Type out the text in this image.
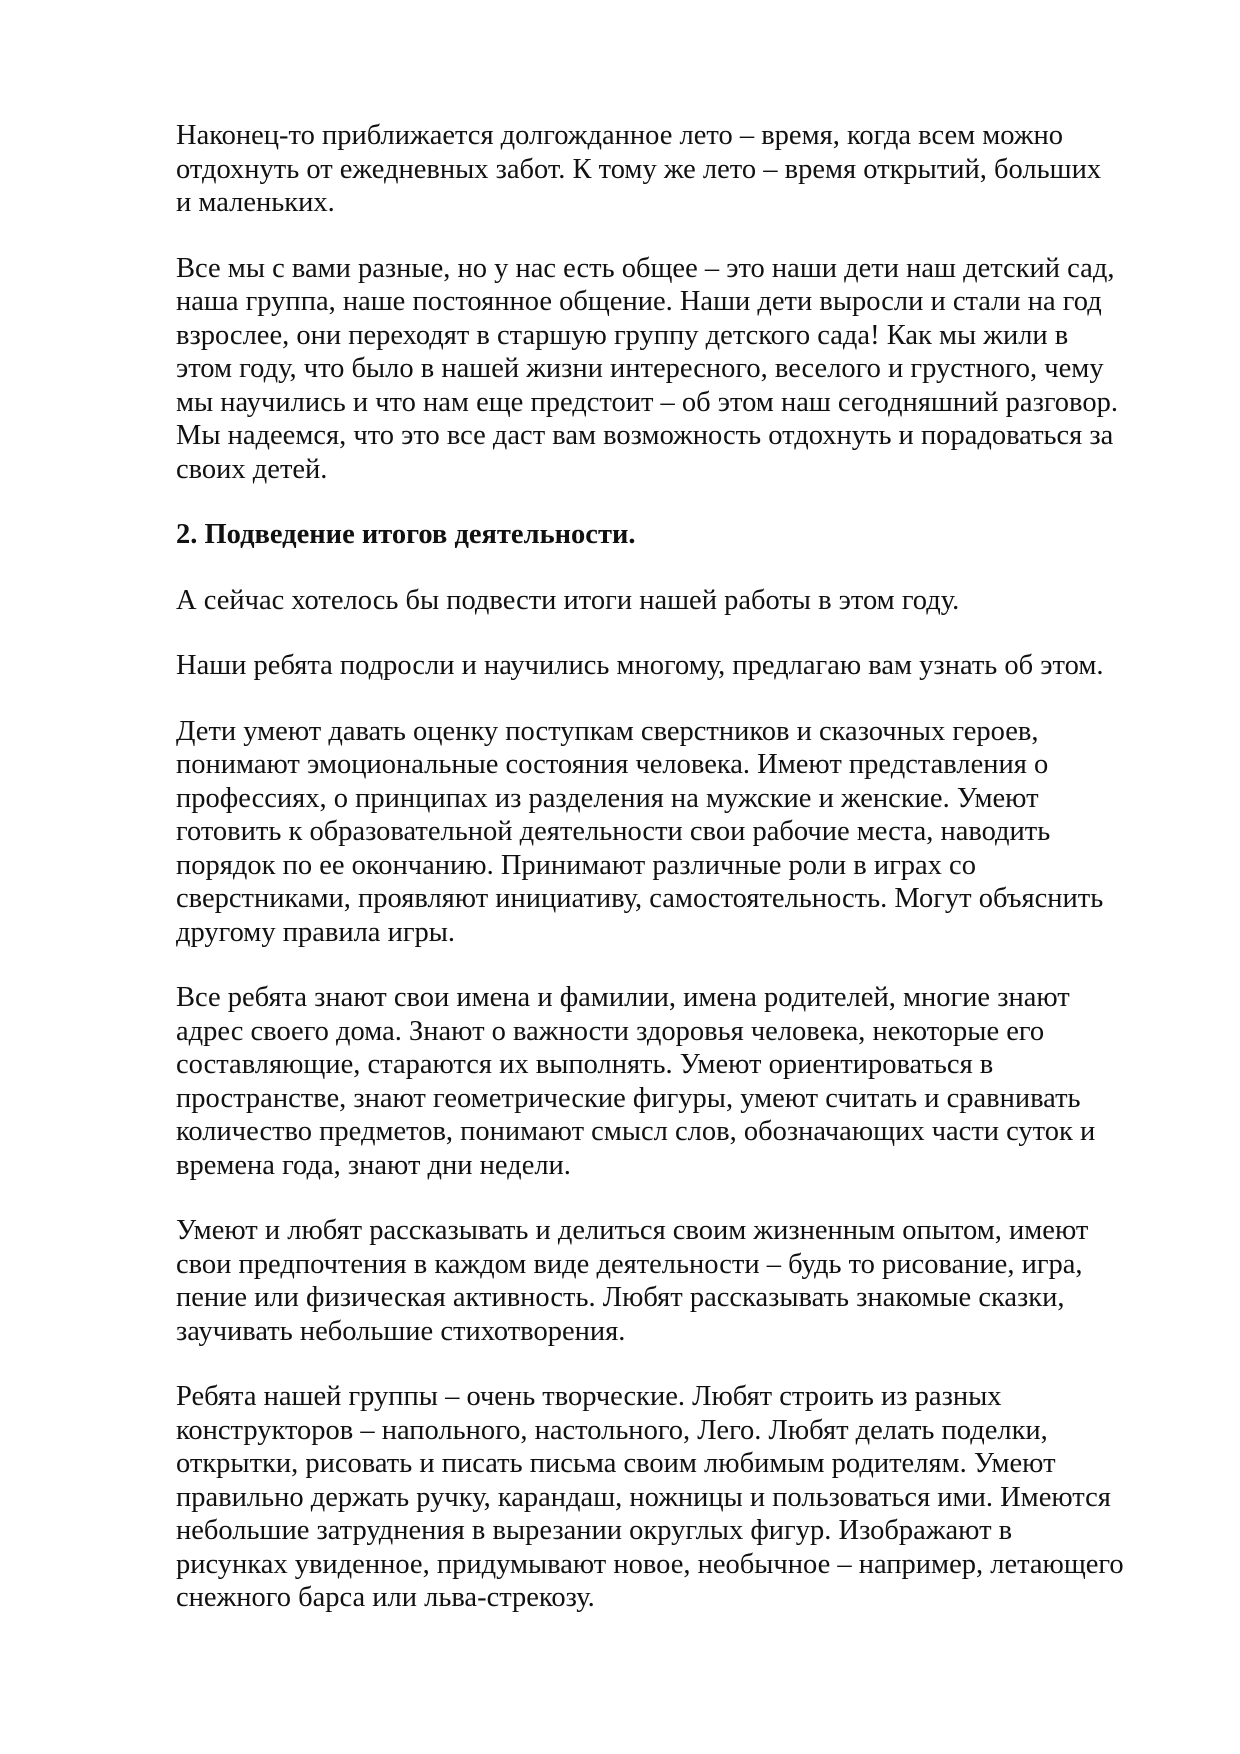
Наконец-то приближается долгожданное лето – время, когда всем можно
отдохнуть от ежедневных забот. К тому же лето – время открытий, больших
и маленьких.

Все мы с вами разные, но у нас есть общее – это наши дети наш детский сад,
наша группа, наше постоянное общение. Наши дети выросли и стали на год
взрослее, они переходят в старшую группу детского сада! Как мы жили в
этом году, что было в нашей жизни интересного, веселого и грустного, чему
мы научились и что нам еще предстоит – об этом наш сегодняшний разговор.
Мы надеемся, что это все даст вам возможность отдохнуть и порадоваться за
своих детей.

2. Подведение итогов деятельности.

А сейчас хотелось бы подвести итоги нашей работы в этом году.

Наши ребята подросли и научились многому, предлагаю вам узнать об этом.

Дети умеют давать оценку поступкам сверстников и сказочных героев,
понимают эмоциональные состояния человека. Имеют представления о
профессиях, о принципах из разделения на мужские и женские. Умеют
готовить к образовательной деятельности свои рабочие места, наводить
порядок по ее окончанию. Принимают различные роли в играх со
сверстниками, проявляют инициативу, самостоятельность. Могут объяснить
другому правила игры.

Все ребята знают свои имена и фамилии, имена родителей, многие знают
адрес своего дома. Знают о важности здоровья человека, некоторые его
составляющие, стараются их выполнять. Умеют ориентироваться в
пространстве, знают геометрические фигуры, умеют считать и сравнивать
количество предметов, понимают смысл слов, обозначающих части суток и
времена года, знают дни недели.

Умеют и любят рассказывать и делиться своим жизненным опытом, имеют
свои предпочтения в каждом виде деятельности – будь то рисование, игра,
пение или физическая активность. Любят рассказывать знакомые сказки,
заучивать небольшие стихотворения.

Ребята нашей группы – очень творческие. Любят строить из разных
конструкторов – напольного, настольного, Лего. Любят делать поделки,
открытки, рисовать и писать письма своим любимым родителям. Умеют
правильно держать ручку, карандаш, ножницы и пользоваться ими. Имеются
небольшие затруднения в вырезании округлых фигур. Изображают в
рисунках увиденное, придумывают новое, необычное – например, летающего
снежного барса или льва-стрекозу.
